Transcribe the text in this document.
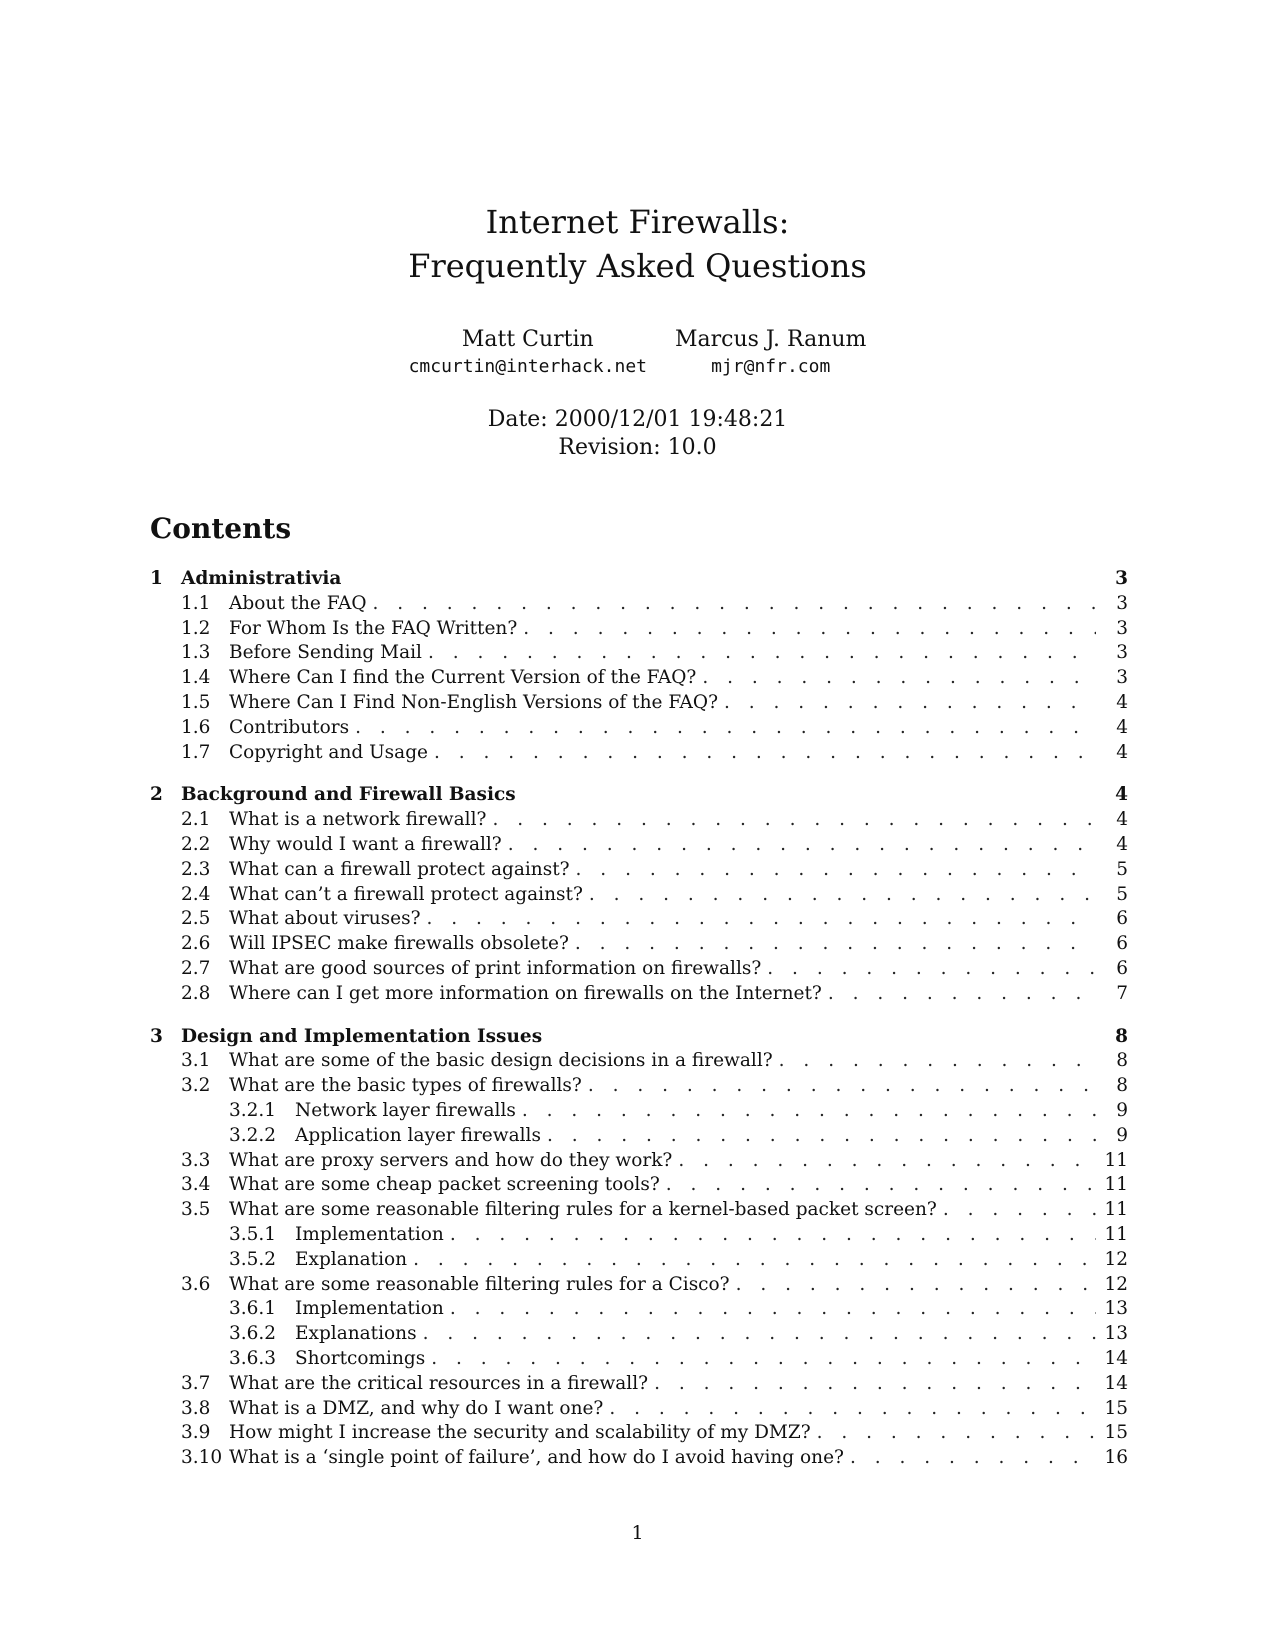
Internet Firewalls:
Frequently Asked Questions
Matt Curtin
cmcurtin@interhack.net
Marcus J. Ranum
mjr@nfr.com
Date: 2000/12/01 19:48:21
Revision: 10.0
Contents
1 Administrativia	3
1.1	About the FAQ . . .	3
1.2	For Whom Is the FAQ Written? . . .	3
1.3	Before Sending Mail . . .	3
1.4	Where Can I find the Current Version of the FAQ? . . .	3
1.5	Where Can I Find Non-English Versions of the FAQ? . . .	4
1.6	Contributors . . .	4
1.7	Copyright and Usage . . .	4
2 Background and Firewall Basics	4
2.1	What is a network firewall? . . .	4
2.2	Why would I want a firewall? . . .	4
2.3	What can a firewall protect against? . . .	5
2.4	What can’t a firewall protect against? . . .	5
2.5	What about viruses? . . .	6
2.6	Will IPSEC make firewalls obsolete? . . .	6
2.7	What are good sources of print information on firewalls? . . .	6
2.8	Where can I get more information on firewalls on the Internet? . . .	7
3 Design and Implementation Issues	8
3.1	What are some of the basic design decisions in a firewall? . . .	8
3.2	What are the basic types of firewalls? . . .	8
3.2.1	Network layer firewalls . . .	9
3.2.2	Application layer firewalls . . .	9
3.3	What are proxy servers and how do they work? . . .	11
3.4	What are some cheap packet screening tools? . . .	11
3.5	What are some reasonable filtering rules for a kernel-based packet screen? . . .	11
3.5.1	Implementation . . .	11
3.5.2	Explanation . . .	12
3.6	What are some reasonable filtering rules for a Cisco? . . .	12
3.6.1	Implementation . . .	13
3.6.2	Explanations . . .	13
3.6.3	Shortcomings . . .	14
3.7	What are the critical resources in a firewall? . . .	14
3.8	What is a DMZ, and why do I want one? . . .	15
3.9	How might I increase the security and scalability of my DMZ? . . .	15
3.10 What is a ‘single point of failure’, and how do I avoid having one? . . .	16
1
